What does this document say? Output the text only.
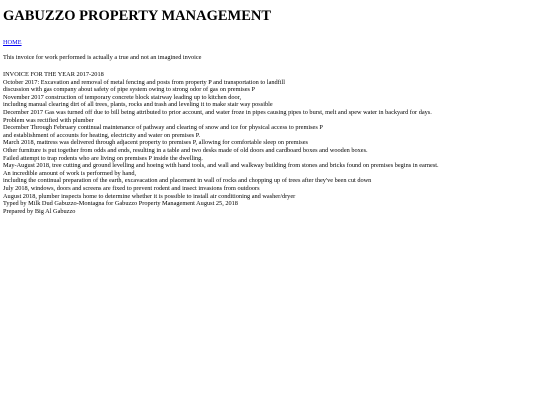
GABUZZO PROPERTY MANAGEMENT
HOME
This invoice for work performed is actually a true and not an imagined invoice
INVOICE FOR THE YEAR 2017-2018
October 2017: Excavation and removal of metal fencing and posts from property P and transportation to landfill
discussion with gas company about safety of pipe system owing to strong odor of gas on premises P
November 2017 construction of temporary concrete block stairway leading up to kitchen door,
including manual clearing dirt of all trees, plants, rocks and trash and leveling it to make stair way possible
December 2017 Gas was turned off due to bill being attributed to prior account, and water froze in pipes causing pipes to burst, melt and spew water in backyard for days.
Problem was rectified with plumber
December Through February continual maintenance of pathway and clearing of snow and ice for physical access to premises P
and establishment of accounts for heating, electricity and water on premises P.
March 2018, mattress was delivered through adjacent property to premises P, allowing for comfortable sleep on premises
Other furniture is put together from odds and ends, resulting in a table and two desks made of old doors and cardboard boxes and wooden boxes.
Failed attempt to trap rodents who are living on premises P inside the dwelling.
May-August 2018, tree cutting and ground levelling and hoeing with hand tools, and wall and walkway building from stones and bricks found on premises begins in earnest.
An incredible amount of work is performed by hand,
including the continual preparation of the earth, excavacation and placement in wall of rocks and chopping up of trees after they've been cut down
July 2018, windows, doors and screens are fixed to prevent rodent and insect invasions from outdoors
August 2018, plumber inspects home to determine whether it is possible to install air conditioning and washer/dryer
Typed by Milk Dud Gabuzzo-Montagna for Gabuzzo Property Management August 25, 2018
Prepared by Big Al Gabuzzo
